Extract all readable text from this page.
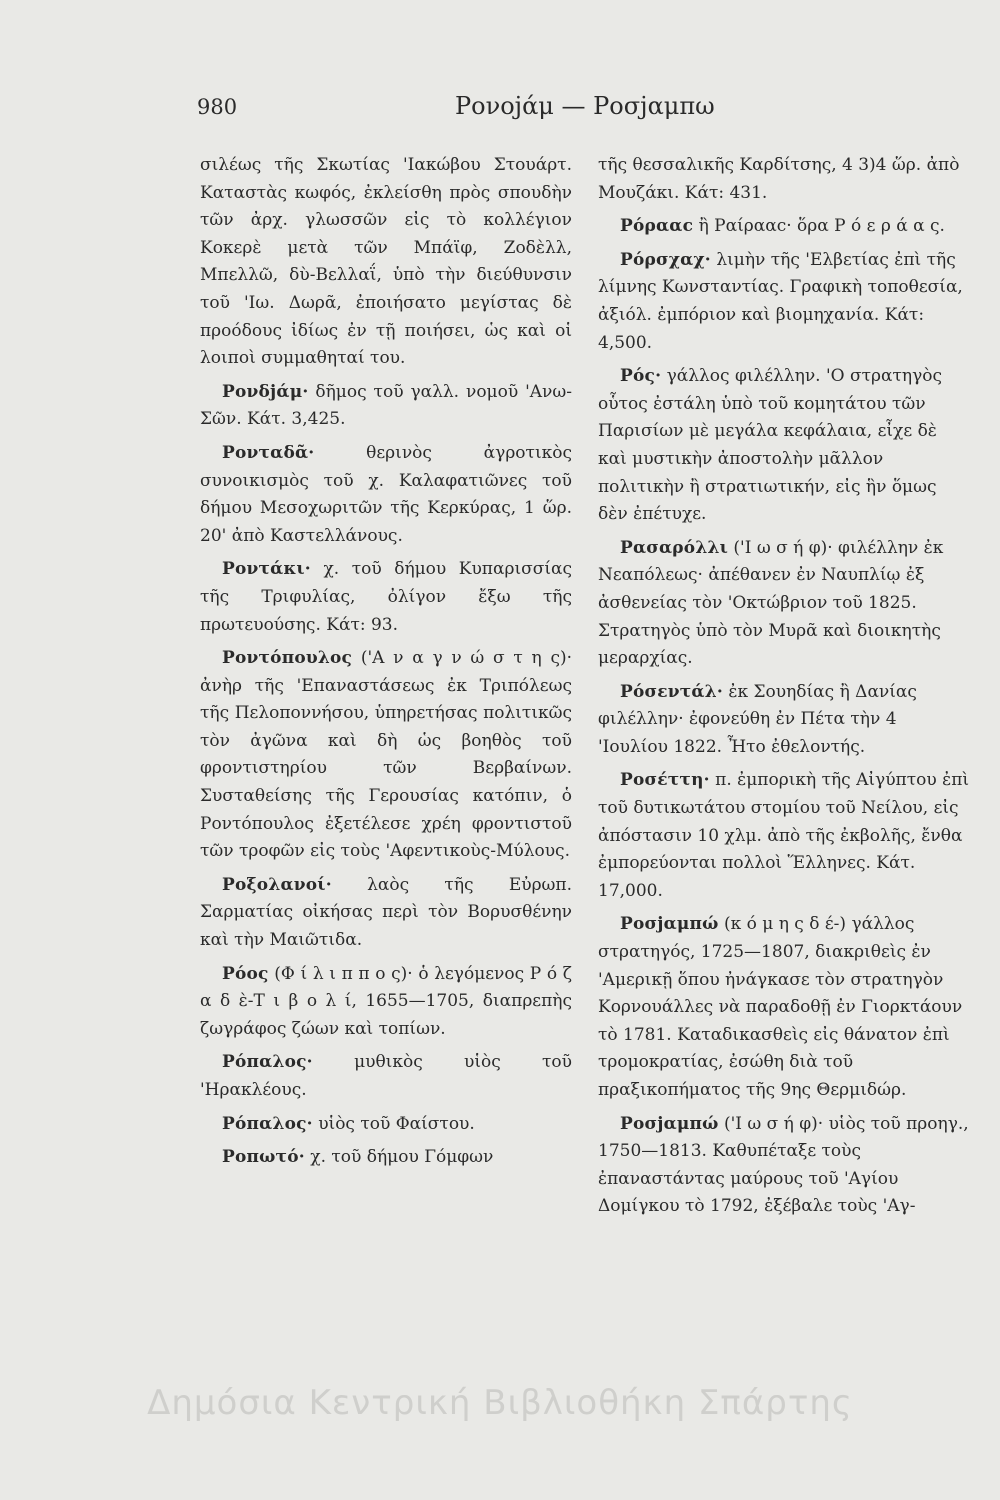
980	Ρονοjάμ — Ροσjαμπω

σιλέως τῆς Σκωτίας 'Ιακώβου Στουάρτ. Καταστὰς κωφός, ἐκλείσθη πρὸς σπουδὴν τῶν ἀρχ. γλωσσῶν εἰς τὸ κολλέγιον Κοκερὲ μετὰ τῶν Μπάϊφ, Ζοδὲλλ, Μπελλῶ, δὺ-Βελλαΐ, ὑπὸ τὴν διεύθυνσιν τοῦ 'Ιω. Δωρᾶ, ἐποιήσατο μεγίστας δὲ προόδους ἰδίως ἐν τῇ ποιήσει, ὡς καὶ οἱ λοιποὶ συμμαθηταί του.

Ρονδjάμ· δῆμος τοῦ γαλλ. νομοῦ 'Ανω-Σῶν. Κάτ. 3,425.

Ρονταδᾶ·	θερινὸς ἀγροτικὸς συνοικισμὸς τοῦ χ. Καλαφατιῶνες τοῦ δήμου Μεσοχωριτῶν τῆς Κερκύρας, 1 ὥρ. 20' ἀπὸ Καστελλάνους.

Ροντάκι· χ. τοῦ δήμου Κυπαρισσίας τῆς Τριφυλίας, ὀλίγον ἔξω τῆς πρωτευούσης. Κάτ: 93.

Ροντόπουλος ('Α ν α γ ν ώ σ τ η ς)· ἀνὴρ τῆς 'Επαναστάσεως ἐκ Τριπόλεως τῆς Πελοποννήσου, ὑπηρετήσας πολιτικῶς τὸν ἀγῶνα καὶ δὴ ὡς βοηθὸς τοῦ φροντιστηρίου τῶν Βερβαίνων. Συσταθείσης τῆς Γερουσίας κατόπιν, ὁ Ροντόπουλος ἐξετέλεσε χρέη φροντιστοῦ τῶν τροφῶν εἰς τοὺς 'Αφεντικοὺς-Μύλους.

Ροξολανοί· λαὸς τῆς Εὐρωπ. Σαρματίας οἰκήσας περὶ τὸν Βορυσθένην καὶ τὴν Μαιῶτιδα.

Ρόος (Φ ί λ ι π π ο ς)· ὁ λεγόμενος Ρ ό ζ α δ ὲ-Τ ι β ο λ ί, 1655—1705, διαπρεπὴς ζωγράφος ζώων καὶ τοπίων.

Ρόπαλος· μυθικὸς υἱὸς τοῦ 'Ηρακλέους.

Ρόπαλος· υἱὸς τοῦ Φαίστου.

Ροπωτό· χ. τοῦ δήμου Γόμφων

τῆς θεσσαλικῆς Καρδίτσης, 4 3)4 ὥρ. ἀπὸ Μουζάκι. Κάτ: 431.

Ρόρααc ἢ Ραίρααc· ὅρα Ρ ό ε ρ ά α ς.

Ρόρσχαχ· λιμὴν τῆς 'Ελβετίας ἐπὶ τῆς λίμνης Κωνσταντίας. Γραφικὴ τοποθεσία, ἀξιόλ. ἐμπόριον καὶ βιομηχανία. Κάτ: 4,500.

Ρός· γάλλος φιλέλλην. 'Ο στρατηγὸς οὗτος ἐστάλη ὑπὸ τοῦ κομητάτου τῶν Παρισίων μὲ μεγάλα κεφάλαια, εἶχε δὲ καὶ μυστικὴν ἀποστολὴν μᾶλλον πολιτικὴν ἢ στρατιωτικήν, εἰς ἣν ὅμως δὲν ἐπέτυχε.

Ρασαρόλλι ('Ι ω σ ή φ)· φιλέλλην ἐκ Νεαπόλεως· ἀπέθανεν ἐν Ναυπλίῳ ἐξ ἀσθενείας τὸν 'Οκτώβριον τοῦ 1825. Στρατηγὸς ὑπὸ τὸν Μυρᾶ καὶ διοικητὴς μεραρχίας.

Ρόσεντάλ· ἐκ Σουηδίας ἢ Δανίας φιλέλλην· ἐφονεύθη ἐν Πέτα τὴν 4 'Ιουλίου 1822. Ἦτο ἐθελοντής.

Ροσέττη· π. ἐμπορικὴ τῆς Αἰγύπτου ἐπὶ τοῦ δυτικωτάτου στομίου τοῦ Νείλου, εἰς ἀπόστασιν 10 χλμ. ἀπὸ τῆς ἐκβολῆς, ἔνθα ἐμπορεύονται πολλοὶ Ἕλληνες. Κάτ. 17,000.

Ροσjαμπώ (κ ό μ η ς δ έ-) γάλλος στρατηγός, 1725—1807, διακριθεὶς ἐν 'Αμερικῇ ὅπου ἠνάγκασε τὸν στρατηγὸν Κορνουάλλες νὰ παραδοθῇ ἐν Γιορκτάουν τὸ 1781. Καταδικασθεὶς εἰς θάνατον ἐπὶ τρομοκρατίας, ἐσώθη διὰ τοῦ πραξικοπήματος τῆς 9ης Θερμιδώρ.

Ροσjαμπώ ('Ι ω σ ή φ)· υἱὸς τοῦ προηγ., 1750—1813. Καθυπέταξε τοὺς ἐπαναστάντας μαύρους τοῦ 'Αγίου Δομίγκου τὸ 1792, ἐξέβαλε τοὺς 'Αγ-

Δημόσια Κεντρική Βιβλιοθήκη Σπάρτης
